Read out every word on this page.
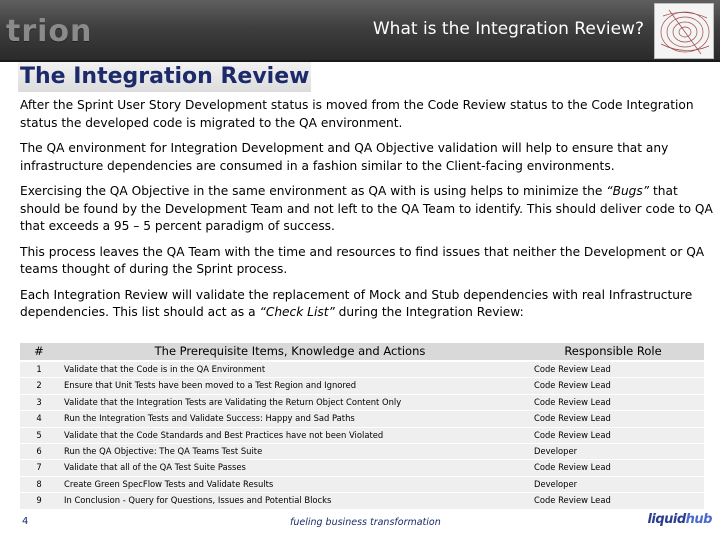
trion	What is the Integration Review?
The Integration Review

After the Sprint User Story Development status is moved from the Code Review status to the Code Integration status the developed code is migrated to the QA environment.

The QA environment for Integration Development and QA Objective validation will help to ensure that any infrastructure dependencies are consumed in a fashion similar to the Client-facing environments.

Exercising the QA Objective in the same environment as QA with is using helps to minimize the “Bugs” that should be found by the Development Team and not left to the QA Team to identify. This should deliver code to QA that exceeds a 95 – 5 percent paradigm of success.

This process leaves the QA Team with the time and resources to find issues that neither the Development or QA teams thought of during the Sprint process.

Each Integration Review will validate the replacement of Mock and Stub dependencies with real Infrastructure dependencies. This list should act as a “Check List” during the Integration Review:

#	The Prerequisite Items, Knowledge and Actions	Responsible Role
1	Validate that the Code is in the QA Environment	Code Review Lead
2	Ensure that Unit Tests have been moved to a Test Region and Ignored	Code Review Lead
3	Validate that the Integration Tests are Validating the Return Object Content Only	Code Review Lead
4	Run the Integration Tests and Validate Success: Happy and Sad Paths	Code Review Lead
5	Validate that the Code Standards and Best Practices have not been Violated	Code Review Lead
6	Run the QA Objective: The QA Teams Test Suite	Developer
7	Validate that all of the QA Test Suite Passes	Code Review Lead
8	Create Green SpecFlow Tests and Validate Results	Developer
9	In Conclusion - Query for Questions, Issues and Potential Blocks	Code Review Lead
4	fueling business transformation	liquidhub
